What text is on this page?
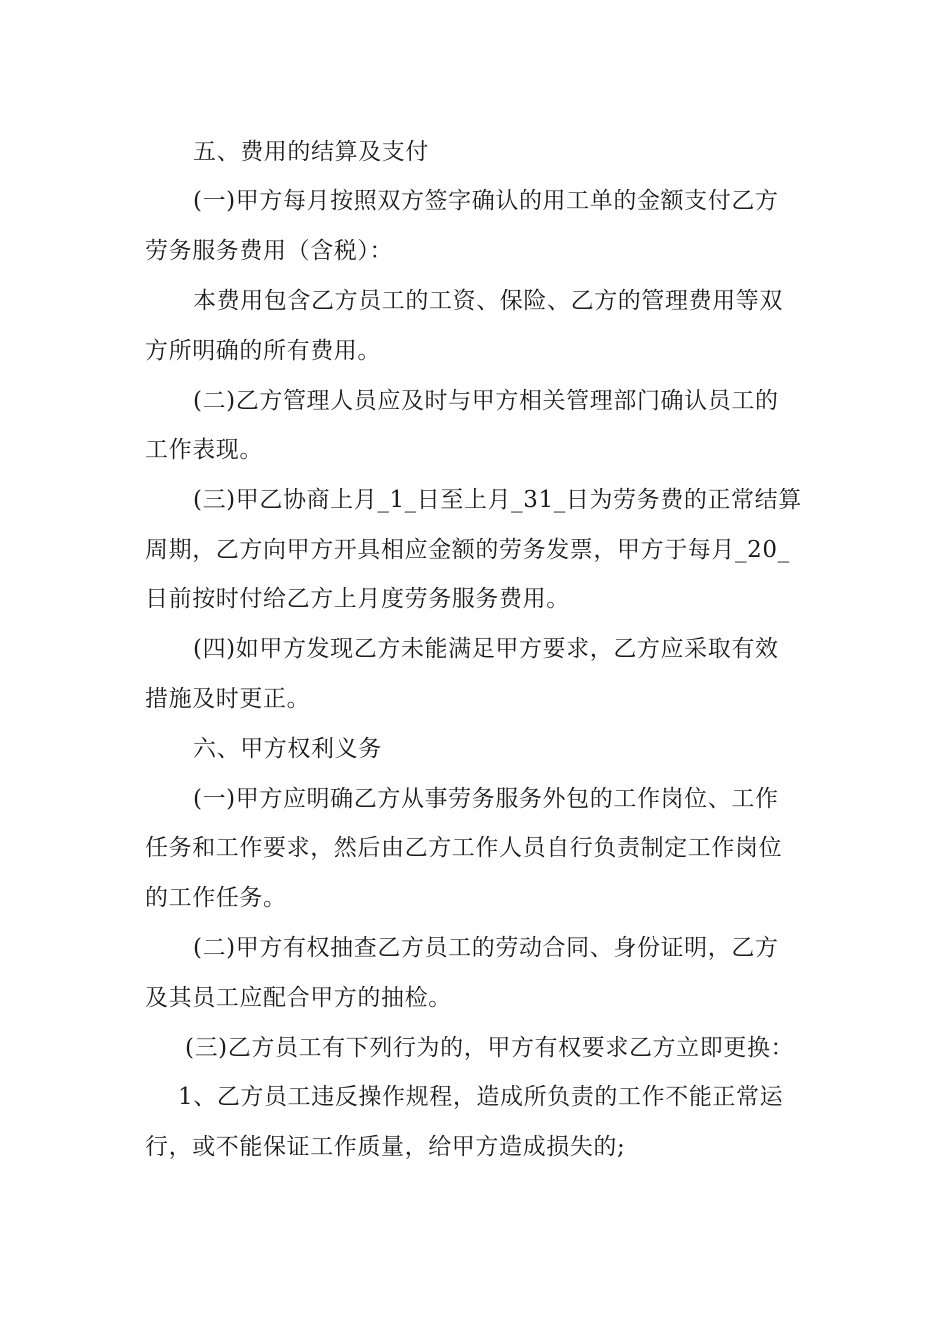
五、费用的结算及支付
(一)甲方每月按照双方签字确认的用工单的金额支付乙方
劳务服务费用（含税）：
本费用包含乙方员工的工资、保险、乙方的管理费用等双
方所明确的所有费用。
(二)乙方管理人员应及时与甲方相关管理部门确认员工的
工作表现。
(三)甲乙协商上月_1_日至上月_31_日为劳务费的正常结算
周期，乙方向甲方开具相应金额的劳务发票，甲方于每月_20_
日前按时付给乙方上月度劳务服务费用。
(四)如甲方发现乙方未能满足甲方要求，乙方应采取有效
措施及时更正。
六、甲方权利义务
(一)甲方应明确乙方从事劳务服务外包的工作岗位、工作
任务和工作要求，然后由乙方工作人员自行负责制定工作岗位
的工作任务。
(二)甲方有权抽查乙方员工的劳动合同、身份证明，乙方
及其员工应配合甲方的抽检。
(三)乙方员工有下列行为的，甲方有权要求乙方立即更换：
1、乙方员工违反操作规程，造成所负责的工作不能正常运
行，或不能保证工作质量，给甲方造成损失的;
